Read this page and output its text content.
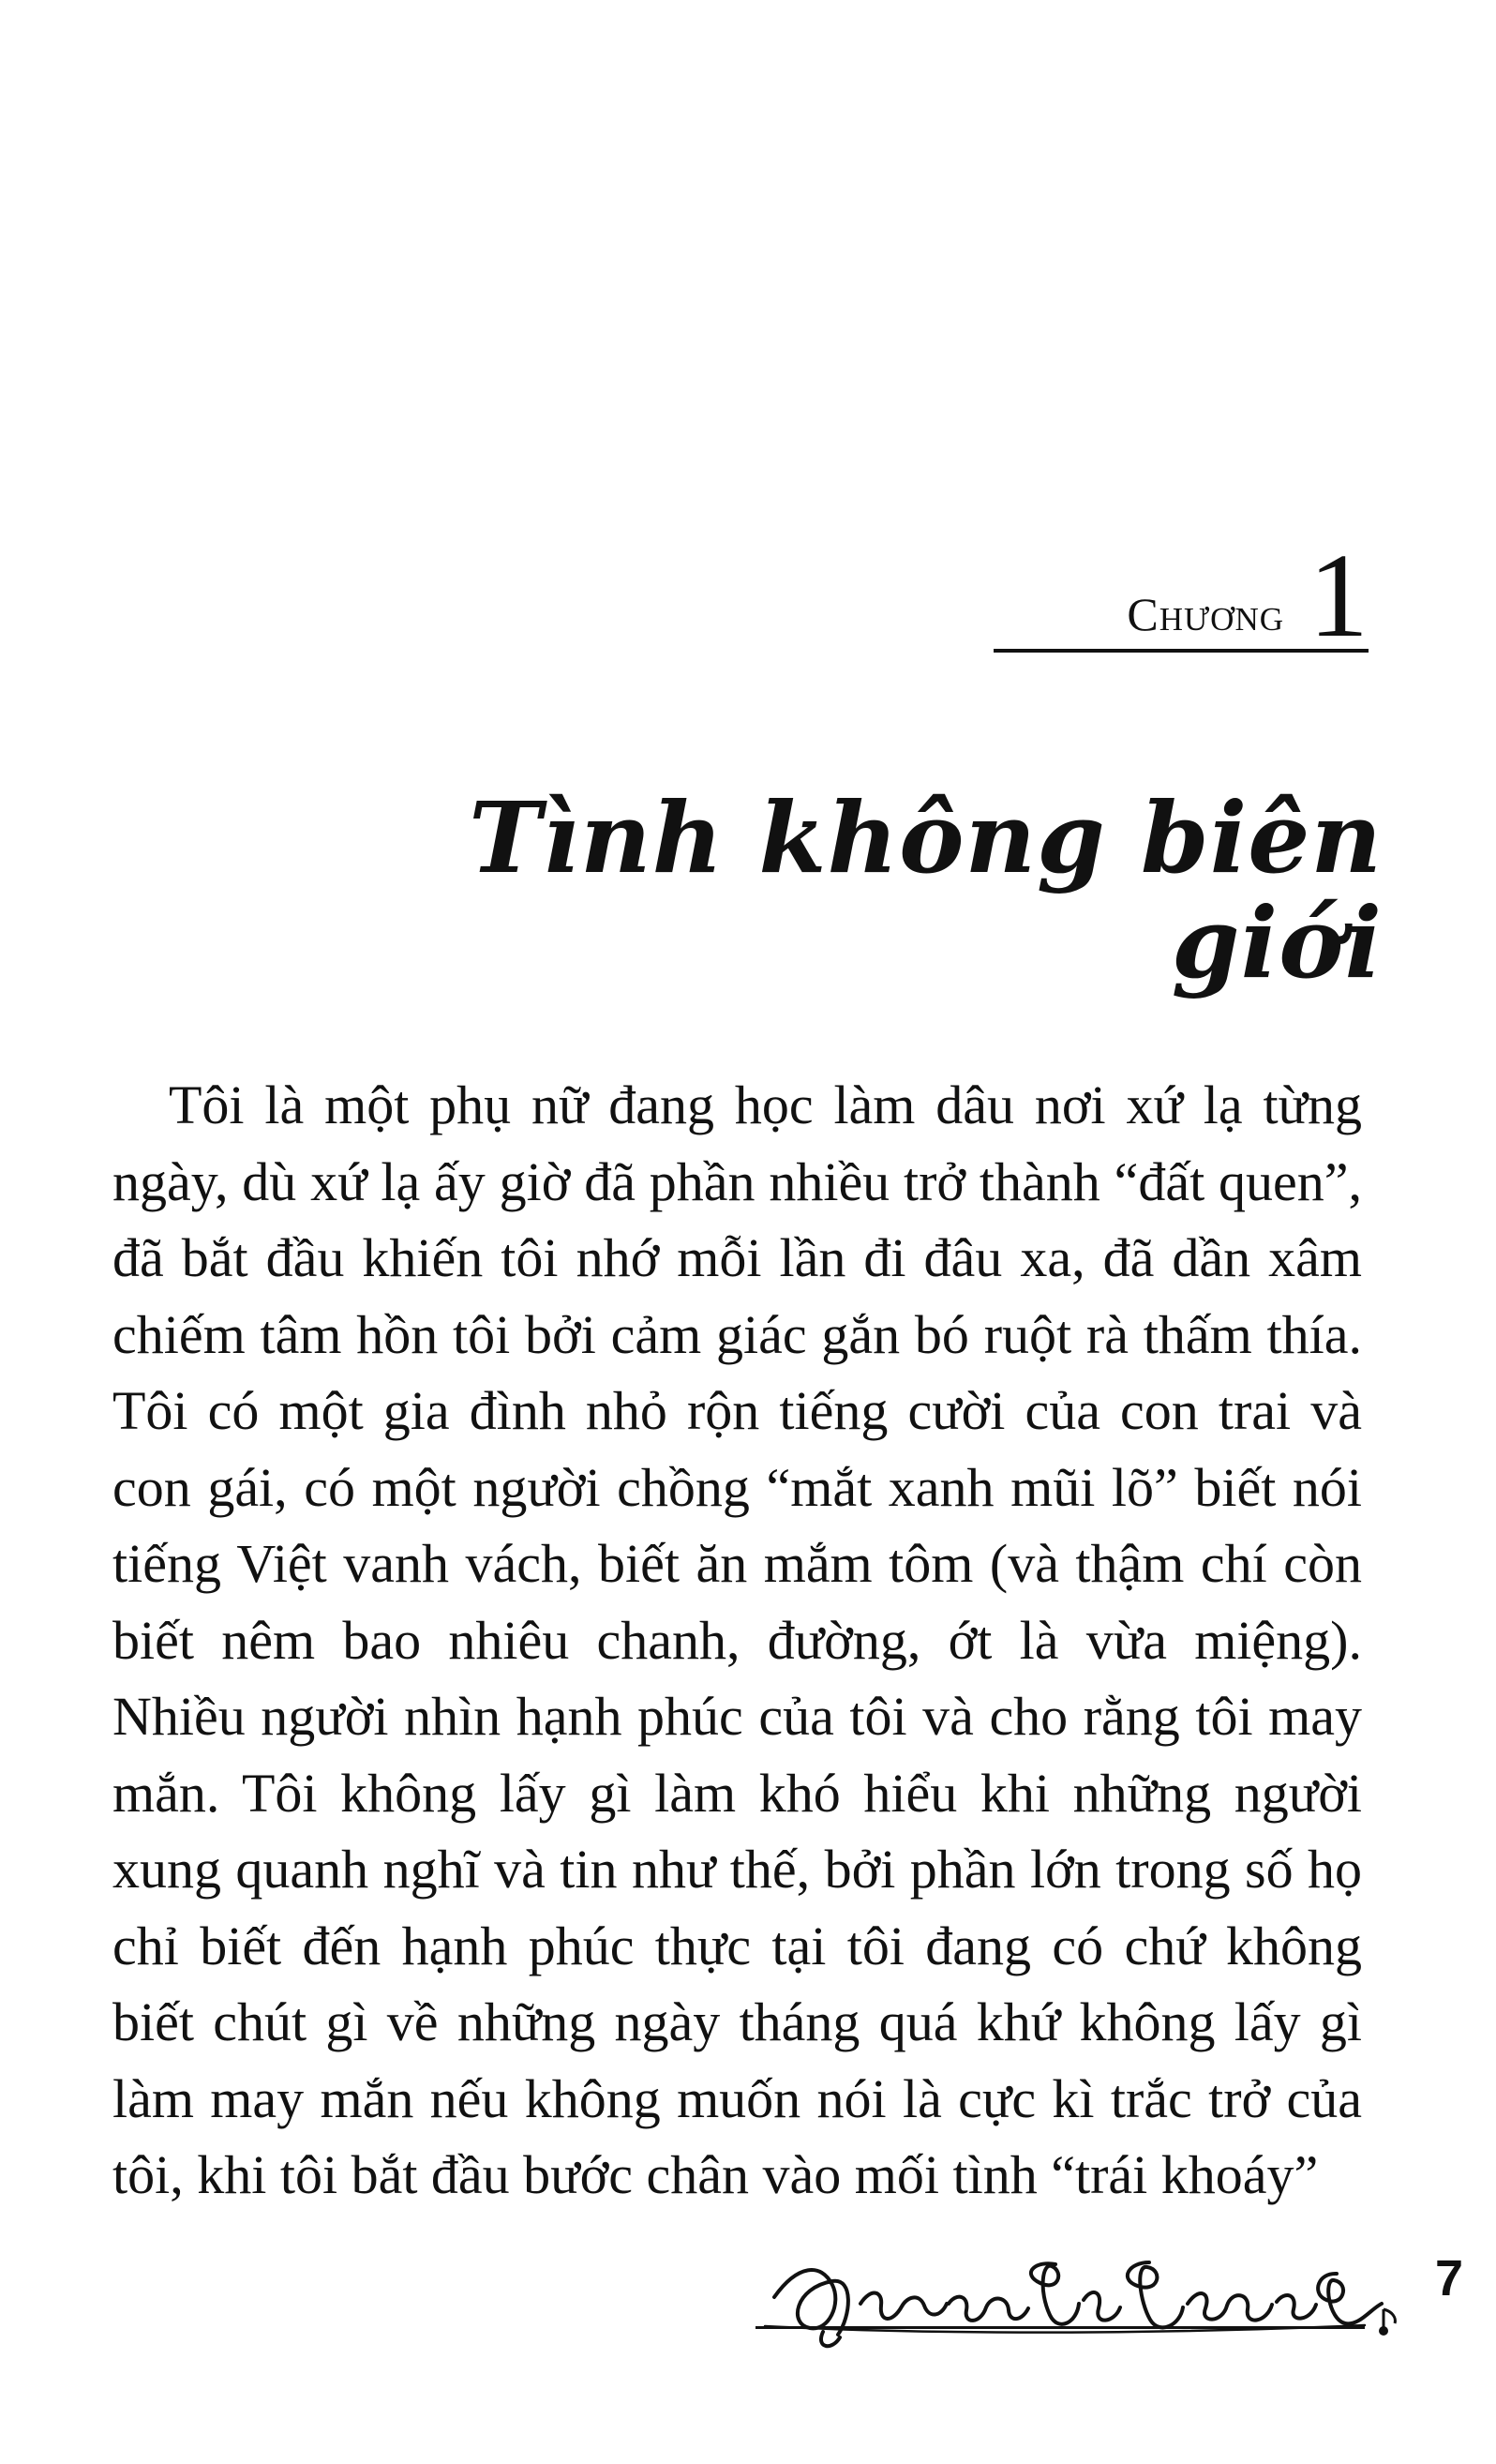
Chương 1
Tình không biên giới

Tôi là một phụ nữ đang học làm dâu nơi xứ lạ từng ngày, dù xứ lạ ấy giờ đã phần nhiều trở thành “đất quen”, đã bắt đầu khiến tôi nhớ mỗi lần đi đâu xa, đã dần xâm chiếm tâm hồn tôi bởi cảm giác gắn bó ruột rà thấm thía. Tôi có một gia đình nhỏ rộn tiếng cười của con trai và con gái, có một người chồng “mắt xanh mũi lõ” biết nói tiếng Việt vanh vách, biết ăn mắm tôm (và thậm chí còn biết nêm bao nhiêu chanh, đường, ớt là vừa miệng). Nhiều người nhìn hạnh phúc của tôi và cho rằng tôi may mắn. Tôi không lấy gì làm khó hiểu khi những người xung quanh nghĩ và tin như thế, bởi phần lớn trong số họ chỉ biết đến hạnh phúc thực tại tôi đang có chứ không biết chút gì về những ngày tháng quá khứ không lấy gì làm may mắn nếu không muốn nói là cực kì trắc trở của tôi, khi tôi bắt đầu bước chân vào mối tình “trái khoáy”

7
